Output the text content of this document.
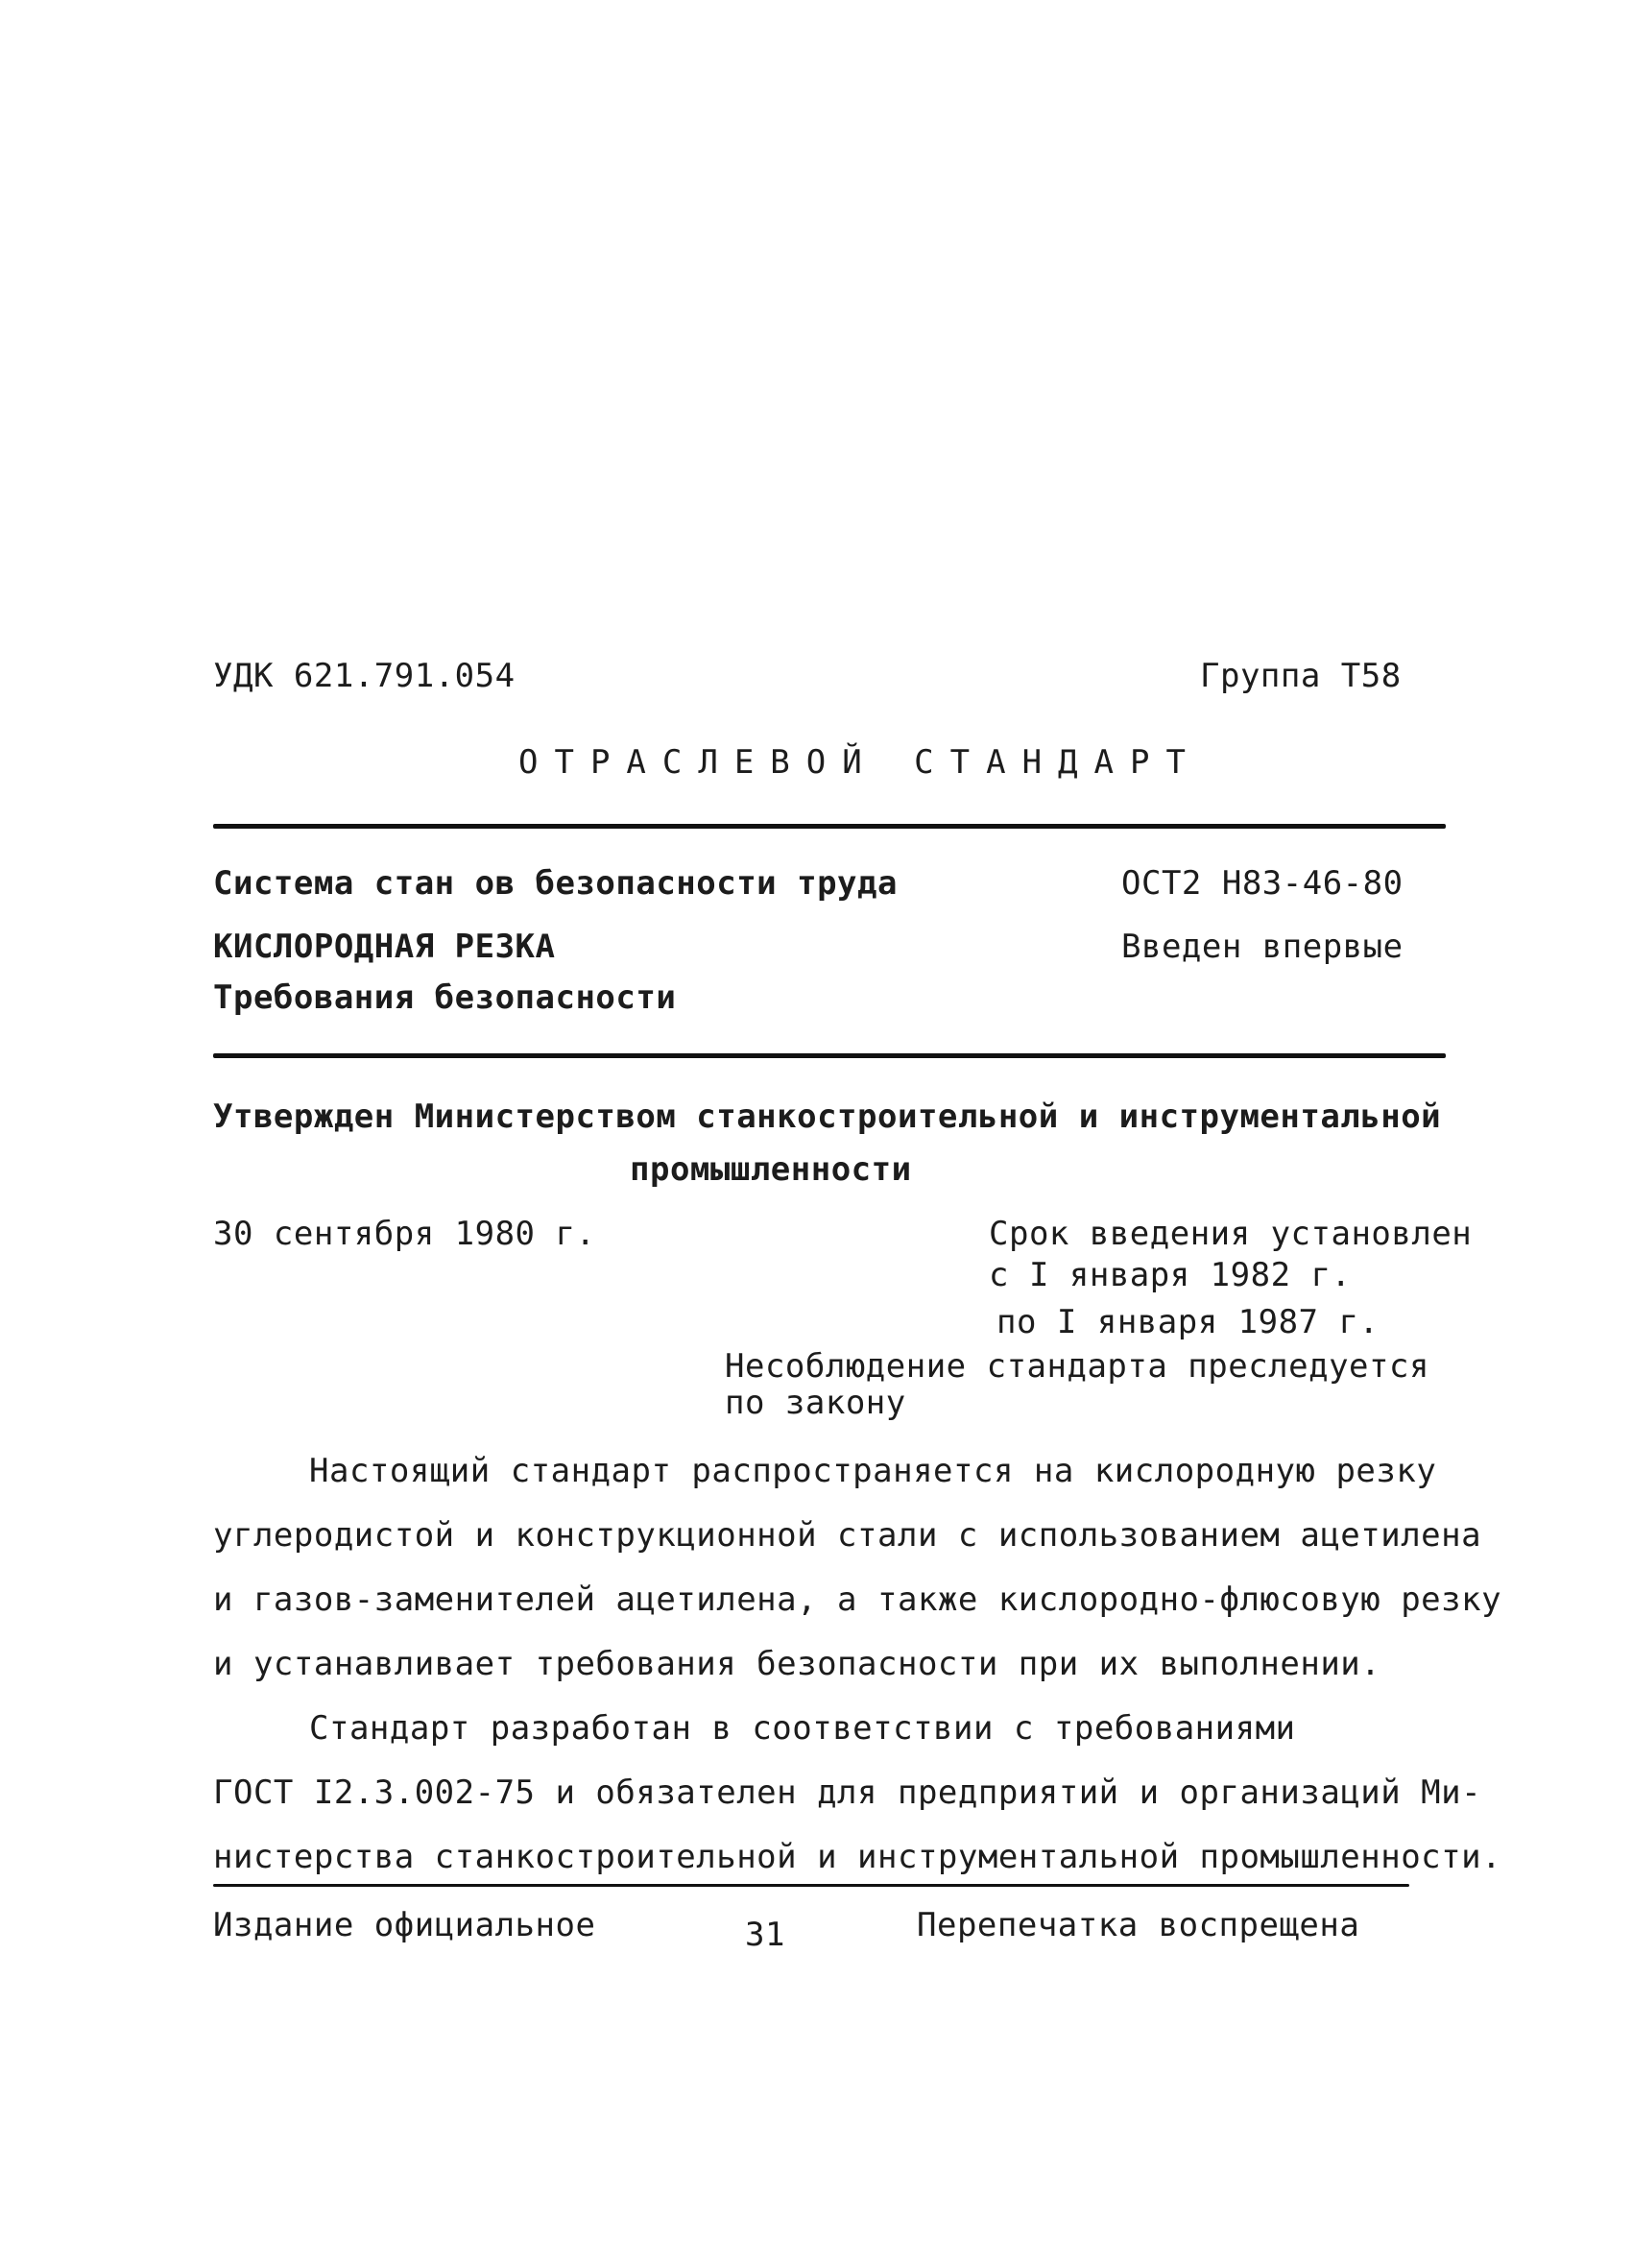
УДК 621.791.054	Группа Т58
ОТРАСЛЕВОЙ СТАНДАРТ
Система стан ов безопасности труда	ОСТ2 Н83-46-80
КИСЛОРОДНАЯ РЕЗКА	Введен впервые
Требования безопасности
Утвержден Министерством станкостроительной и инструментальной
промышленности
30 сентября 1980 г.	Срок введения установлен
с I января 1982 г.
по I января 1987 г.
Несоблюдение стандарта преследуется
по закону

Настоящий стандарт распространяется на кислородную резку

углеродистой и конструкционной стали с использованием ацетилена

и газов-заменителей ацетилена, а также кислородно-флюсовую резку

и устанавливает требования безопасности при их выполнении.

Стандарт разработан в соответствии с требованиями

ГОСТ I2.3.002-75 и обязателен для предприятий и организаций Ми-

нистерства станкостроительной и инструментальной промышленности.

Издание официальное	31	Перепечатка воспрещена
